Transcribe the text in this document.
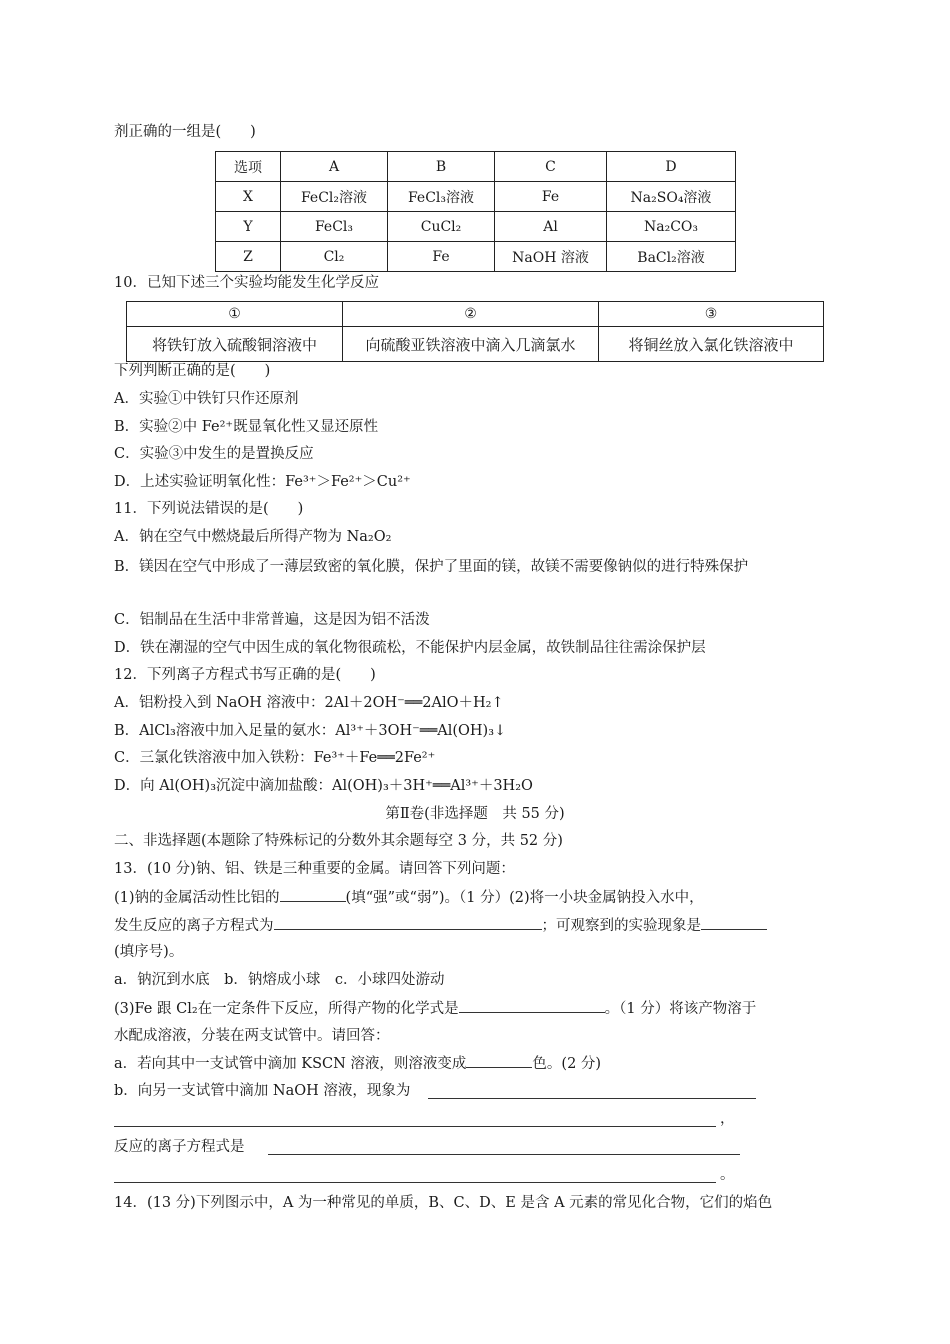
剂正确的一组是(　　)
选项	A	B	C	D
X	FeCl₂溶液	FeCl₃溶液	Fe	Na₂SO₄溶液
Y	FeCl₃	CuCl₂	Al	Na₂CO₃
Z	Cl₂	Fe	NaOH 溶液	BaCl₂溶液
10．已知下述三个实验均能发生化学反应
①	②	③
将铁钉放入硫酸铜溶液中	向硫酸亚铁溶液中滴入几滴氯水	将铜丝放入氯化铁溶液中
下列判断正确的是(　　)
A．实验①中铁钉只作还原剂
B．实验②中 Fe²⁺既显氧化性又显还原性
C．实验③中发生的是置换反应
D．上述实验证明氧化性：Fe³⁺＞Fe²⁺＞Cu²⁺
11．下列说法错误的是(　　)
A．钠在空气中燃烧最后所得产物为 Na₂O₂
B．镁因在空气中形成了一薄层致密的氧化膜，保护了里面的镁，故镁不需要像钠似的进行特殊保护
C．铝制品在生活中非常普遍，这是因为铝不活泼
D．铁在潮湿的空气中因生成的氧化物很疏松，不能保护内层金属，故铁制品往往需涂保护层
12．下列离子方程式书写正确的是(　　)
A．铝粉投入到 NaOH 溶液中：2Al＋2OH⁻══2AlO＋H₂↑
B．AlCl₃溶液中加入足量的氨水：Al³⁺＋3OH⁻══Al(OH)₃↓
C．三氯化铁溶液中加入铁粉：Fe³⁺＋Fe══2Fe²⁺
D．向 Al(OH)₃沉淀中滴加盐酸：Al(OH)₃＋3H⁺══Al³⁺＋3H₂O
第Ⅱ卷(非选择题　共 55 分)
二、非选择题(本题除了特殊标记的分数外其余题每空 3 分，共 52 分)
13．(10 分)钠、铝、铁是三种重要的金属。请回答下列问题：
(1)钠的金属活动性比铝的	(填“强”或“弱”)。（1 分）(2)将一小块金属钠投入水中，
发生反应的离子方程式为	；可观察到的实验现象是
(填序号)。
a．钠沉到水底　b．钠熔成小球　c．小球四处游动
(3)Fe 跟 Cl₂在一定条件下反应，所得产物的化学式是	。（1 分）将该产物溶于
水配成溶液，分装在两支试管中。请回答：
a．若向其中一支试管中滴加 KSCN 溶液，则溶液变成	色。(2 分)
b．向另一支试管中滴加 NaOH 溶液，现象为
，
反应的离子方程式是
。
14．(13 分)下列图示中，A 为一种常见的单质，B、C、D、E 是含 A 元素的常见化合物，它们的焰色
